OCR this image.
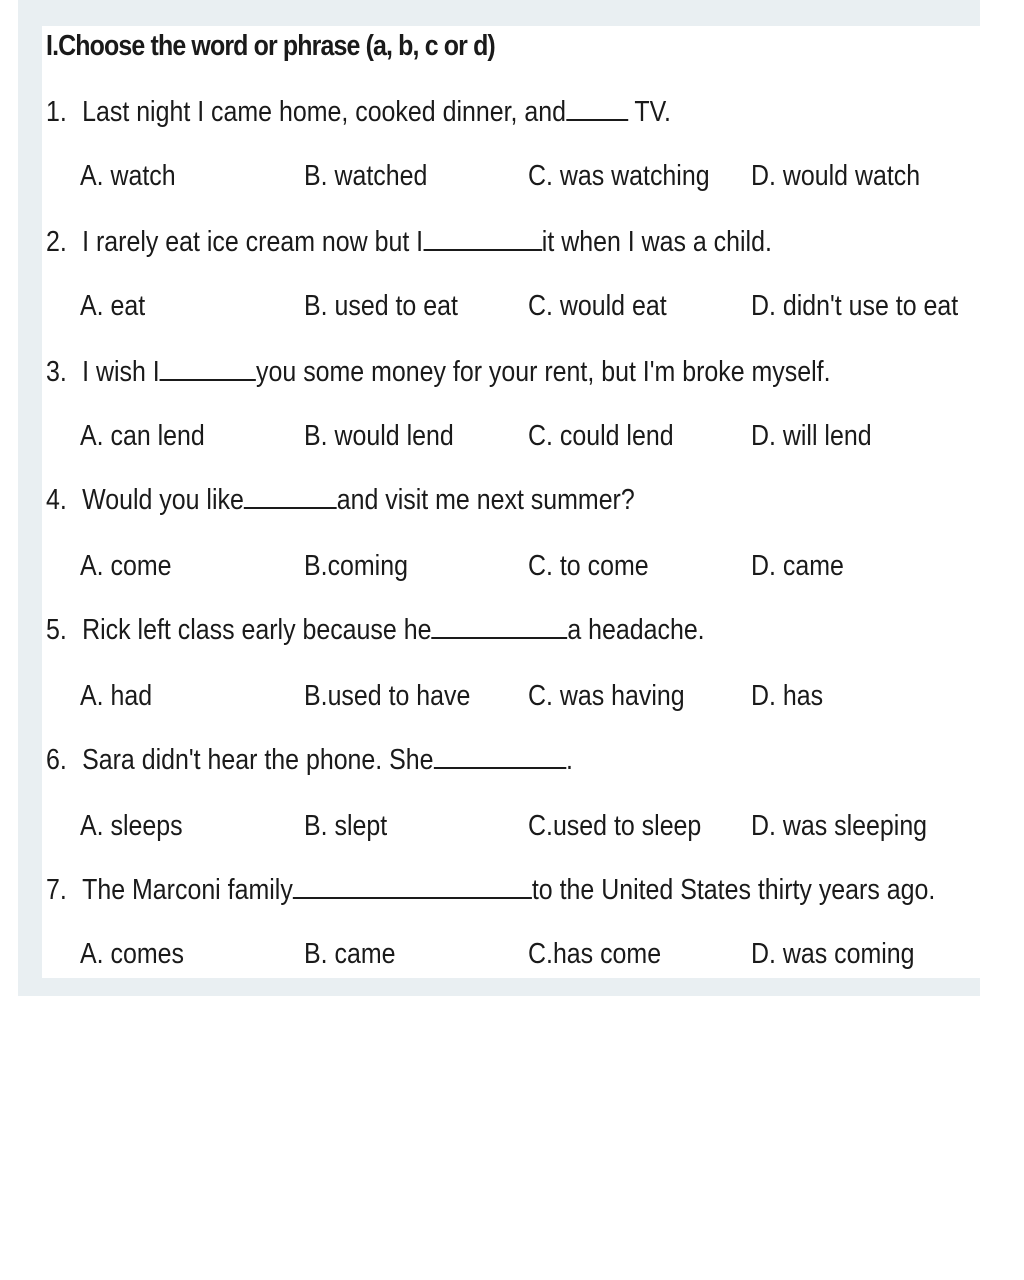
I.Choose the word or phrase (a, b, c or d)

1. Last night I came home, cooked dinner, and TV.

A. watch	B. watched	C. was watching D. would watch

2. I rarely eat ice cream now but I	it when I was a child.

A. eat	B. used to eat C. would eat	D. didn't use to eat

3. I wish I	you some money for your rent, but I'm broke myself.

A. can lend	B. would lend	C. could lend	D. will lend

4. Would you like	and visit me next summer?

A. come	B.coming	C. to come	D. came

5. Rick left class early because he	a headache.

A. had	B.used to have C. was having D. has

6. Sara didn't hear the phone. She	.

A. sleeps	B. slept	C.used to sleep D. was sleeping

7. The Marconi family	to the United States thirty years ago.

A. comes	B. came	C.has come	D. was coming
